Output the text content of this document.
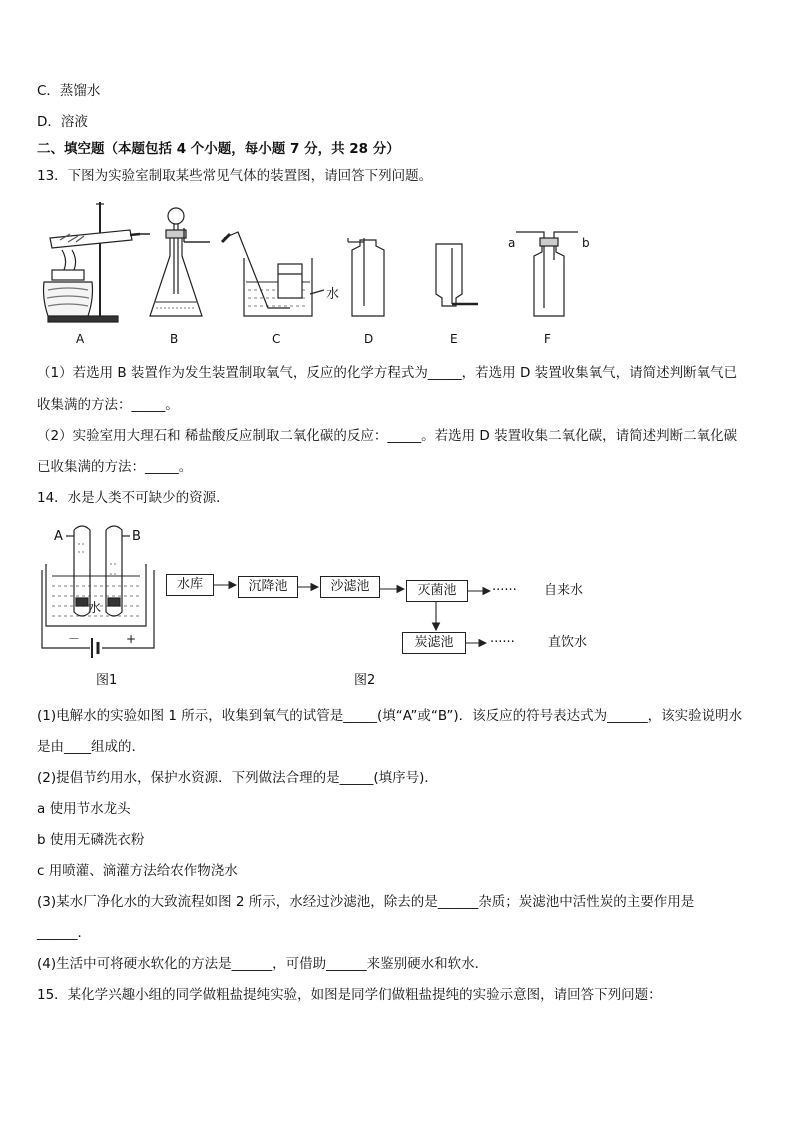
C．蒸馏水
D．溶液
二、填空题（本题包括 4 个小题，每小题 7 分，共 28 分）
13．下图为实验室制取某些常见气体的装置图，请回答下列问题。
A	B	C	D	E	F
水
a	b
（1）若选用 B 装置作为发生装置制取氧气，反应的化学方程式为_____，若选用 D 装置收集氧气，请简述判断氧气已
收集满的方法：_____。
（2）实验室用大理石和 稀盐酸反应制取二氧化碳的反应：_____。若选用 D 装置收集二氧化碳，请简述判断二氧化碳
已收集满的方法：_____。
14．水是人类不可缺少的资源．
A	B
水
－	+
图1
水库	沉降池	沙滤池	灭菌池
炭滤池
······ 自来水
······	直饮水
图2
(1)电解水的实验如图 1 所示，收集到氧气的试管是_____(填“A”或“B”)．该反应的符号表达式为______，该实验说明水
是由____组成的．
(2)提倡节约用水，保护水资源．下列做法合理的是_____(填序号)．
a 使用节水龙头
b 使用无磷洗衣粉
c 用喷灌、滴灌方法给农作物浇水
(3)某水厂净化水的大致流程如图 2 所示，水经过沙滤池，除去的是______杂质；炭滤池中活性炭的主要作用是
______．
(4)生活中可将硬水软化的方法是______，可借助______来鉴别硬水和软水．
15．某化学兴趣小组的同学做粗盐提纯实验，如图是同学们做粗盐提纯的实验示意图，请回答下列问题：
